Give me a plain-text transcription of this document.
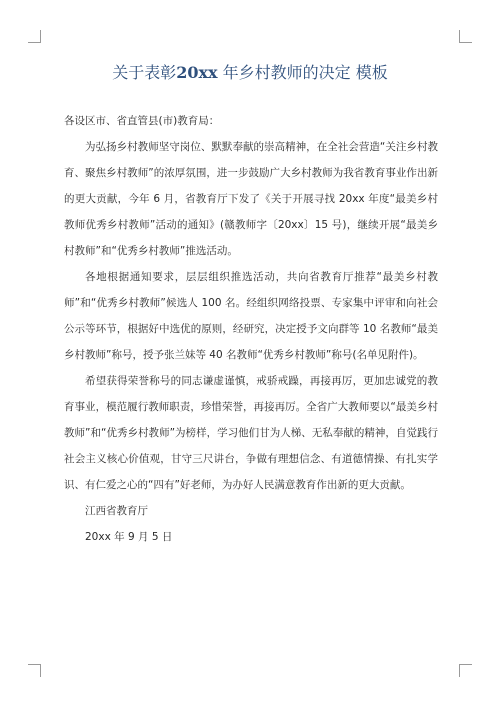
关于表彰20xx 年乡村教师的决定 模板

各设区市、省直管县(市)教育局：

为弘扬乡村教师坚守岗位、默默奉献的崇高精神，在全社会营造“关注乡村教育、聚焦乡村教师”的浓厚氛围，进一步鼓励广大乡村教师为我省教育事业作出新的更大贡献，今年 6 月，省教育厅下发了《关于开展寻找 20xx 年度“最美乡村教师优秀乡村教师”活动的通知》(赣教师字〔20xx〕15 号)，继续开展“最美乡村教师”和“优秀乡村教师”推选活动。

各地根据通知要求，层层组织推选活动，共向省教育厅推荐“最美乡村教师”和“优秀乡村教师”候选人 100 名。经组织网络投票、专家集中评审和向社会公示等环节，根据好中选优的原则，经研究，决定授予文向群等 10 名教师“最美乡村教师”称号，授予张兰妹等 40 名教师“优秀乡村教师”称号(名单见附件)。

希望获得荣誉称号的同志谦虚谨慎，戒骄戒躁，再接再厉，更加忠诚党的教育事业，模范履行教师职责，珍惜荣誉，再接再厉。全省广大教师要以“最美乡村教师”和“优秀乡村教师”为榜样，学习他们甘为人梯、无私奉献的精神，自觉践行社会主义核心价值观，甘守三尺讲台，争做有理想信念、有道德情操、有扎实学识、有仁爱之心的“四有”好老师，为办好人民满意教育作出新的更大贡献。

江西省教育厅

20xx 年 9 月 5 日
